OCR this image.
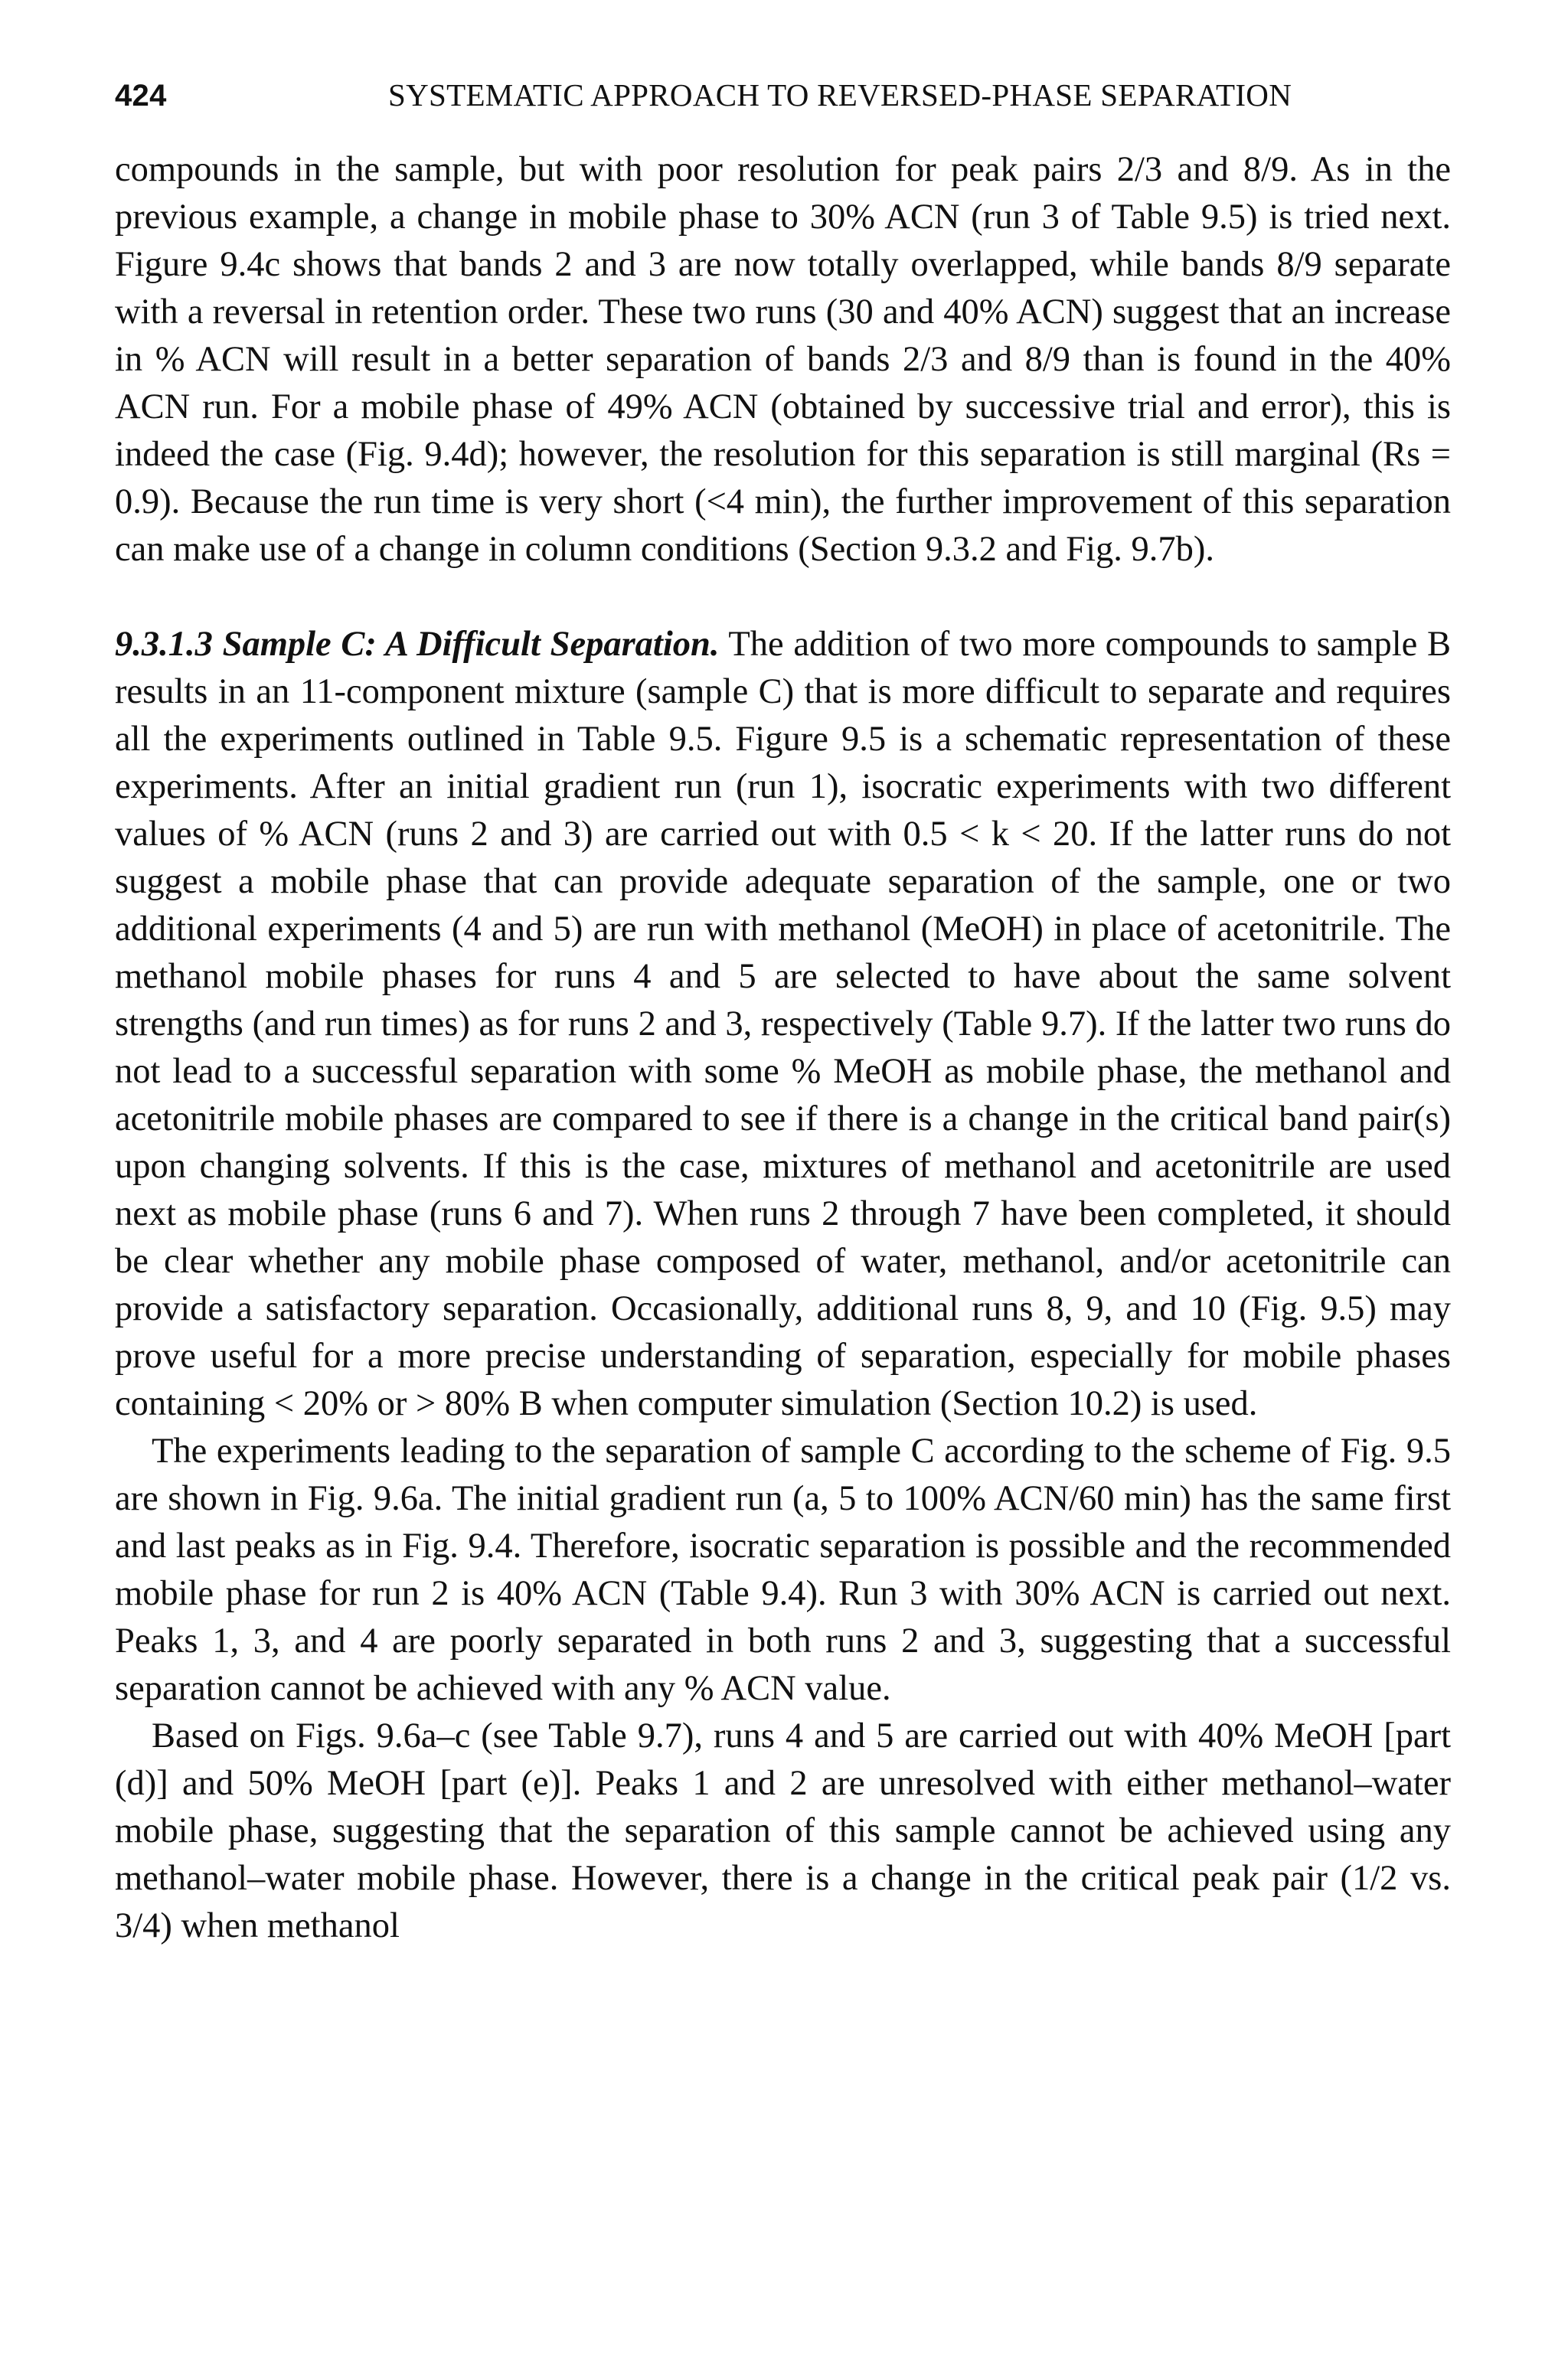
424	SYSTEMATIC APPROACH TO REVERSED-PHASE SEPARATION

compounds in the sample, but with poor resolution for peak pairs 2/3 and 8/9. As in the previous example, a change in mobile phase to 30% ACN (run 3 of Table 9.5) is tried next. Figure 9.4c shows that bands 2 and 3 are now totally overlapped, while bands 8/9 separate with a reversal in retention order. These two runs (30 and 40% ACN) suggest that an increase in % ACN will result in a better separation of bands 2/3 and 8/9 than is found in the 40% ACN run. For a mobile phase of 49% ACN (obtained by successive trial and error), this is indeed the case (Fig. 9.4d); however, the resolution for this separation is still marginal (Rs = 0.9). Because the run time is very short (<4 min), the further improvement of this separation can make use of a change in column conditions (Section 9.3.2 and Fig. 9.7b).

9.3.1.3 Sample C: A Difficult Separation. The addition of two more compounds to sample B results in an 11-component mixture (sample C) that is more difficult to separate and requires all the experiments outlined in Table 9.5. Figure 9.5 is a schematic representation of these experiments. After an initial gradient run (run 1), isocratic experiments with two different values of % ACN (runs 2 and 3) are carried out with 0.5 < k < 20. If the latter runs do not suggest a mobile phase that can provide adequate separation of the sample, one or two additional experiments (4 and 5) are run with methanol (MeOH) in place of acetonitrile. The methanol mobile phases for runs 4 and 5 are selected to have about the same solvent strengths (and run times) as for runs 2 and 3, respectively (Table 9.7). If the latter two runs do not lead to a successful separation with some % MeOH as mobile phase, the methanol and acetonitrile mobile phases are compared to see if there is a change in the critical band pair(s) upon changing solvents. If this is the case, mixtures of methanol and acetonitrile are used next as mobile phase (runs 6 and 7). When runs 2 through 7 have been completed, it should be clear whether any mobile phase composed of water, methanol, and/or acetonitrile can provide a satisfactory separation. Occasionally, additional runs 8, 9, and 10 (Fig. 9.5) may prove useful for a more precise understanding of separation, especially for mobile phases containing < 20% or > 80% B when computer simulation (Section 10.2) is used.

The experiments leading to the separation of sample C according to the scheme of Fig. 9.5 are shown in Fig. 9.6a. The initial gradient run (a, 5 to 100% ACN/60 min) has the same first and last peaks as in Fig. 9.4. Therefore, isocratic separation is possible and the recommended mobile phase for run 2 is 40% ACN (Table 9.4). Run 3 with 30% ACN is carried out next. Peaks 1, 3, and 4 are poorly separated in both runs 2 and 3, suggesting that a successful separation cannot be achieved with any % ACN value.

Based on Figs. 9.6a–c (see Table 9.7), runs 4 and 5 are carried out with 40% MeOH [part (d)] and 50% MeOH [part (e)]. Peaks 1 and 2 are unresolved with either methanol–water mobile phase, suggesting that the separation of this sample cannot be achieved using any methanol–water mobile phase. However, there is a change in the critical peak pair (1/2 vs. 3/4) when methanol
